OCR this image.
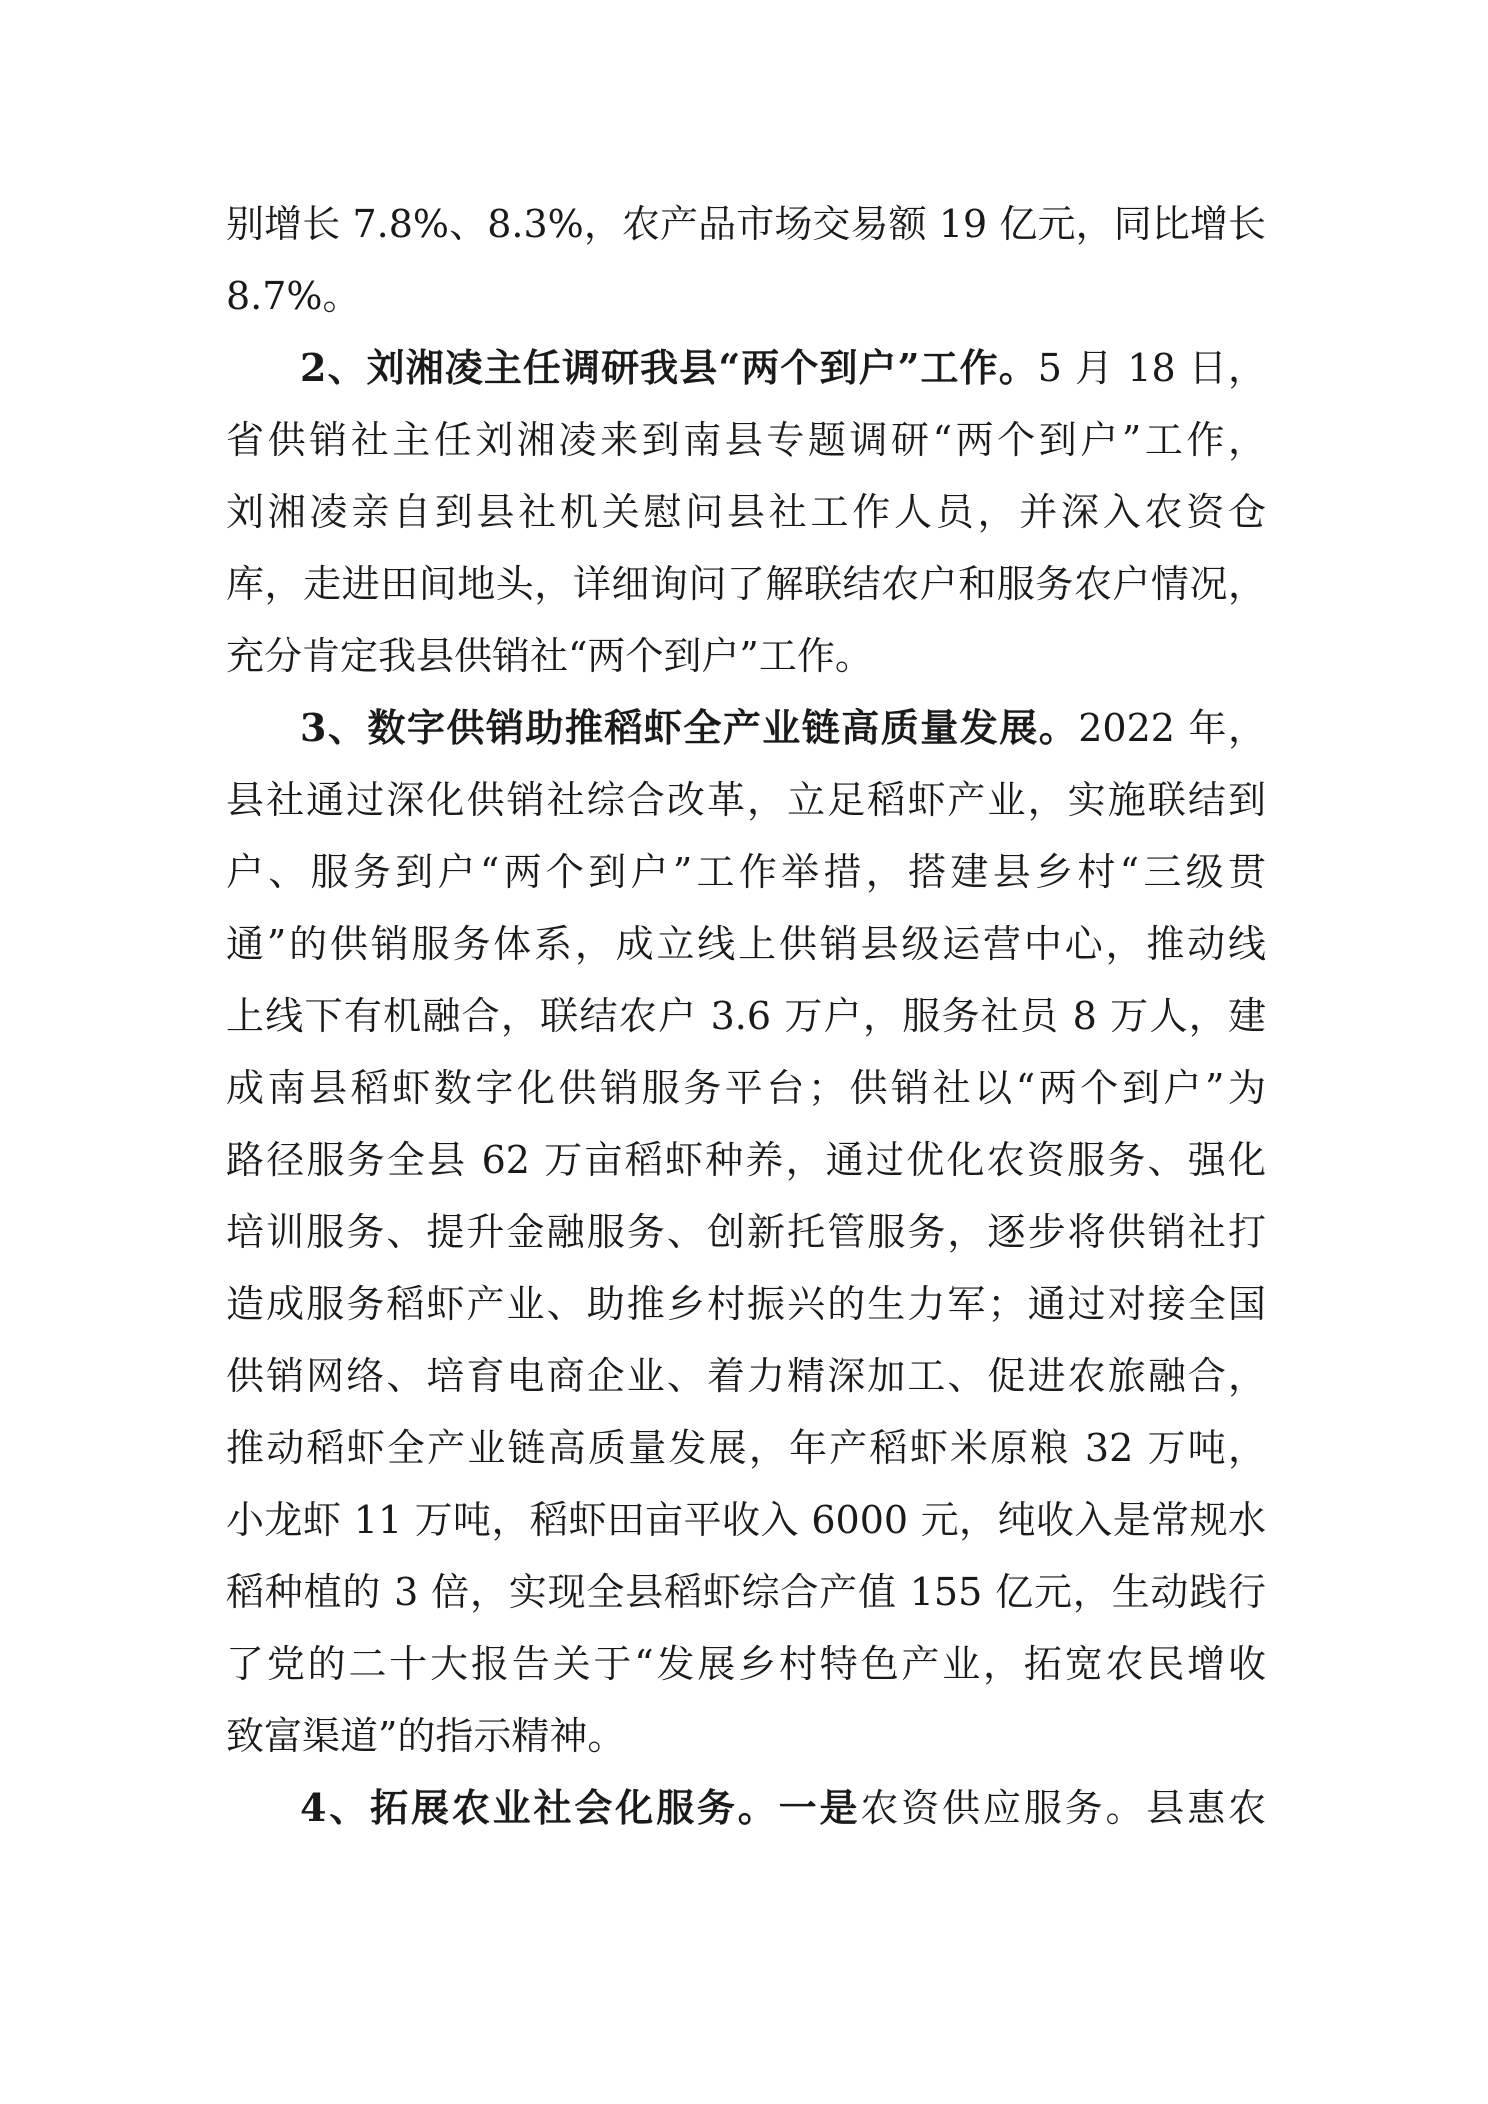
别增长 7.8%、8.3%，农产品市场交易额 19 亿元，同比增长
8.7%。
2、刘湘凌主任调研我县“两个到户”工作。5 月 18 日，
省供销社主任刘湘凌来到南县专题调研“两个到户”工作，
刘湘凌亲自到县社机关慰问县社工作人员，并深入农资仓
库，走进田间地头，详细询问了解联结农户和服务农户情况，
充分肯定我县供销社“两个到户”工作。
3、数字供销助推稻虾全产业链高质量发展。2022 年，
县社通过深化供销社综合改革，立足稻虾产业，实施联结到
户、服务到户“两个到户”工作举措，搭建县乡村“三级贯
通”的供销服务体系，成立线上供销县级运营中心，推动线
上线下有机融合，联结农户 3.6 万户，服务社员 8 万人，建
成南县稻虾数字化供销服务平台；供销社以“两个到户”为
路径服务全县 62 万亩稻虾种养，通过优化农资服务、强化
培训服务、提升金融服务、创新托管服务，逐步将供销社打
造成服务稻虾产业、助推乡村振兴的生力军；通过对接全国
供销网络、培育电商企业、着力精深加工、促进农旅融合，
推动稻虾全产业链高质量发展，年产稻虾米原粮 32 万吨，
小龙虾 11 万吨，稻虾田亩平收入 6000 元，纯收入是常规水
稻种植的 3 倍，实现全县稻虾综合产值 155 亿元，生动践行
了党的二十大报告关于“发展乡村特色产业，拓宽农民增收
致富渠道”的指示精神。
4、拓展农业社会化服务。一是农资供应服务。县惠农
